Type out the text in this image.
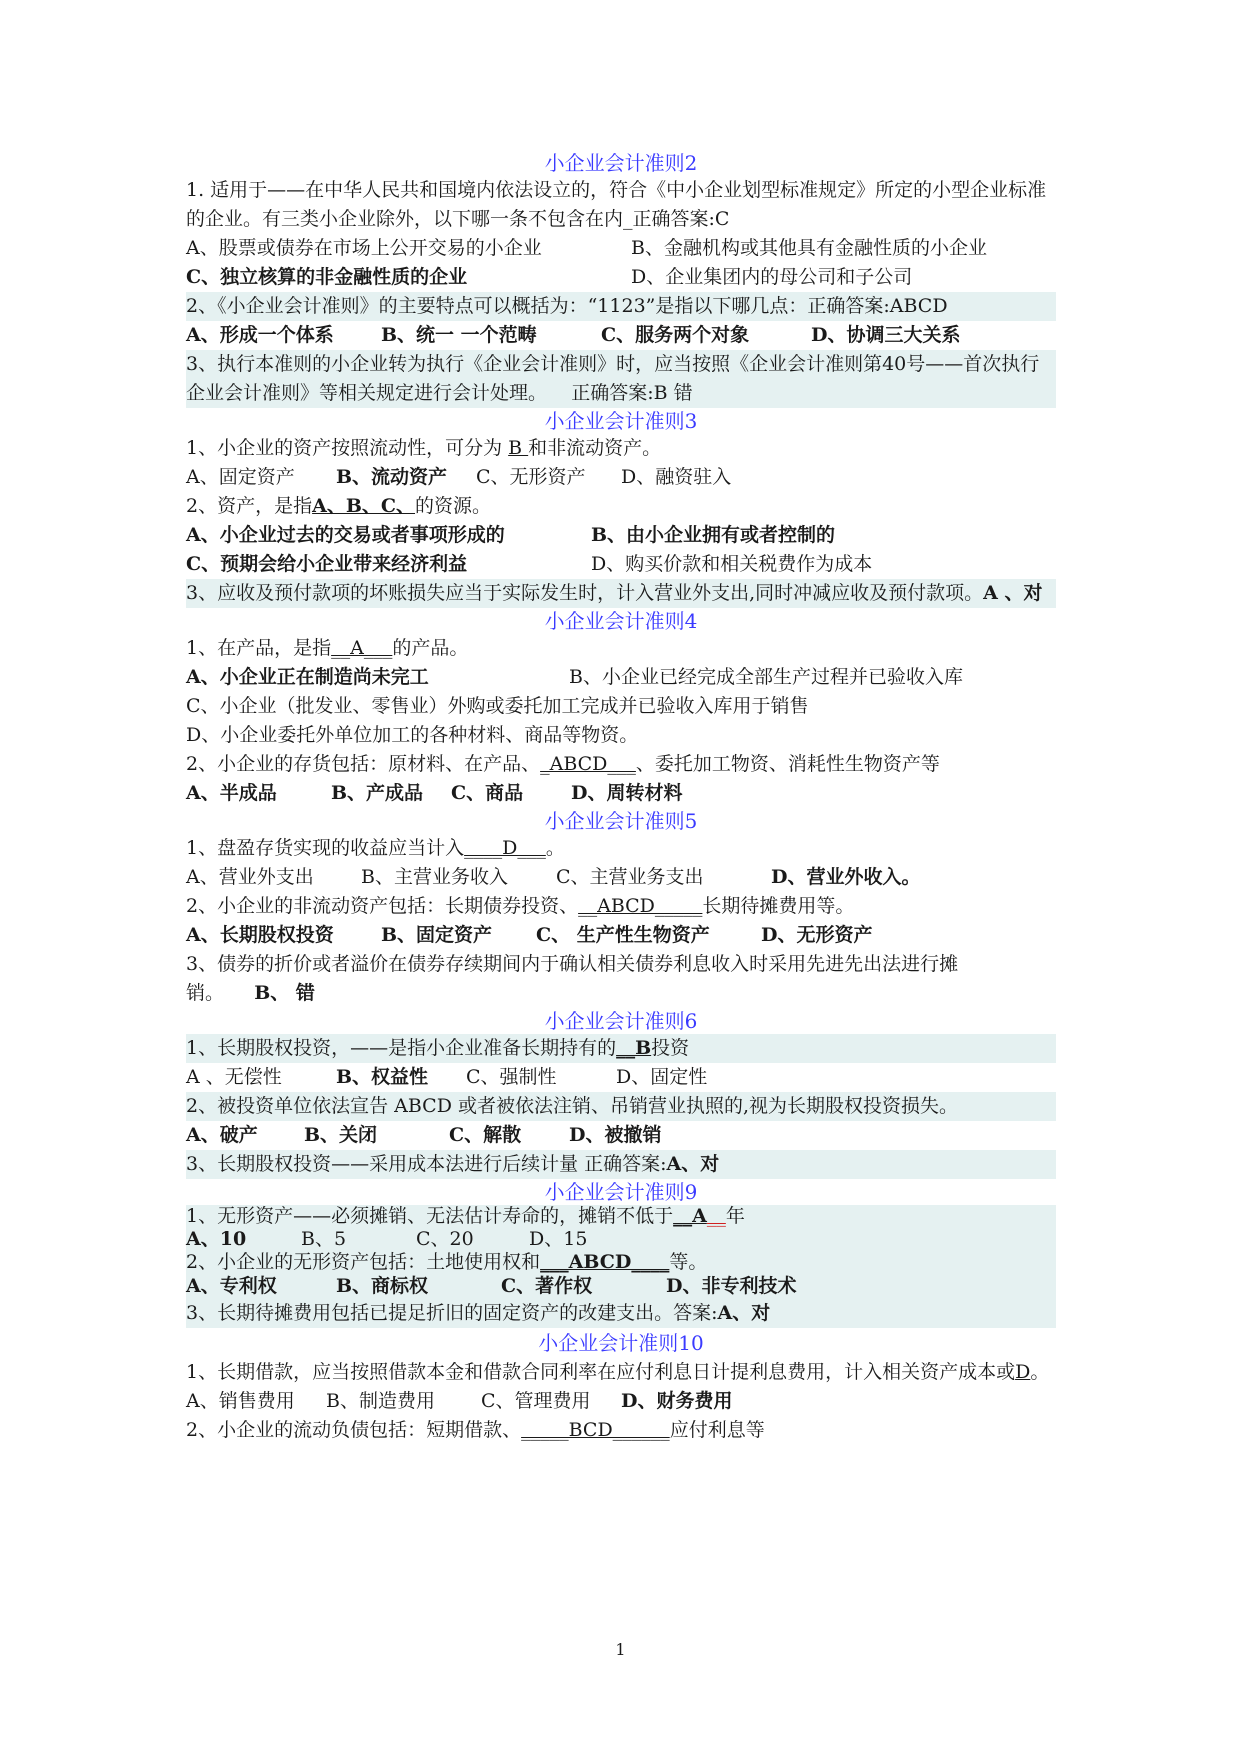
小企业会计准则2
1. 适用于——在中华人民共和国境内依法设立的，符合《中小企业划型标准规定》所定的小型企业标准的企业。有三类小企业除外，以下哪一条不包含在内_正确答案:C
A、股票或债券在市场上公开交易的小企业	B、金融机构或其他具有金融性质的小企业
C、独立核算的非金融性质的企业	D、企业集团内的母公司和子公司
2、《小企业会计准则》的主要特点可以概括为：“1123”是指以下哪几点：正确答案:ABCD
A、形成一个体系 B、统一 一个范畴	C、服务两个对象	D、协调三大关系
3、执行本准则的小企业转为执行《企业会计准则》时，应当按照《企业会计准则第40号——首次执行企业会计准则》等相关规定进行会计处理。 正确答案:B 错
小企业会计准则3
1、小企业的资产按照流动性，可分为 B 和非流动资产。
A、固定资产 B、流动资产 C、无形资产 D、融资驻入
2、资产，是指A、B、C、的资源。
A、小企业过去的交易或者事项形成的	B、由小企业拥有或者控制的
C、预期会给小企业带来经济利益	D、购买价款和相关税费作为成本
3、应收及预付款项的坏账损失应当于实际发生时，计入营业外支出,同时冲减应收及预付款项。A 、对
小企业会计准则4
1、在产品，是指__A___的产品。
A、小企业正在制造尚未完工	B、小企业已经完成全部生产过程并已验收入库
C、小企业（批发业、零售业）外购或委托加工完成并已验收入库用于销售
D、小企业委托外单位加工的各种材料、商品等物资。
2、小企业的存货包括：原材料、在产品、_ABCD___、委托加工物资、消耗性生物资产等
A、半成品	B、产成品 C、商品	D、周转材料
小企业会计准则5
1、盘盈存货实现的收益应当计入____D___。
A、营业外支出 B、主营业务收入	C、主营业务支出	D、营业外收入。
2、小企业的非流动资产包括：长期债券投资、__ABCD_____长期待摊费用等。
A、长期股权投资 B、固定资产 C、 生产性生物资产	D、无形资产
3、债券的折价或者溢价在债券存续期间内于确认相关债券利息收入时采用先进先出法进行摊销。 B、 错
小企业会计准则6
1、长期股权投资，——是指小企业准备长期持有的__B投资
A 、无偿性	B、权益性 C、强制性	D、固定性
2、被投资单位依法宣告 ABCD 或者被依法注销、吊销营业执照的,视为长期股权投资损失。
A、破产 B、关闭	C、解散	D、被撤销
3、长期股权投资——采用成本法进行后续计量 正确答案:A、对
小企业会计准则9
1、无形资产——必须摊销、无法估计寿命的，摊销不低于__A__年
A、10	B、5	C、20	D、15
2、小企业的无形资产包括：土地使用权和___ABCD____等。
A、专利权	B、商标权	C、著作权	D、非专利技术
3、长期待摊费用包括已提足折旧的固定资产的改建支出。答案:A、对
小企业会计准则10
1、长期借款，应当按照借款本金和借款合同利率在应付利息日计提利息费用，计入相关资产成本或D。
A、销售费用 B、制造费用 C、管理费用 D、财务费用
2、小企业的流动负债包括：短期借款、_____BCD______应付利息等
1
